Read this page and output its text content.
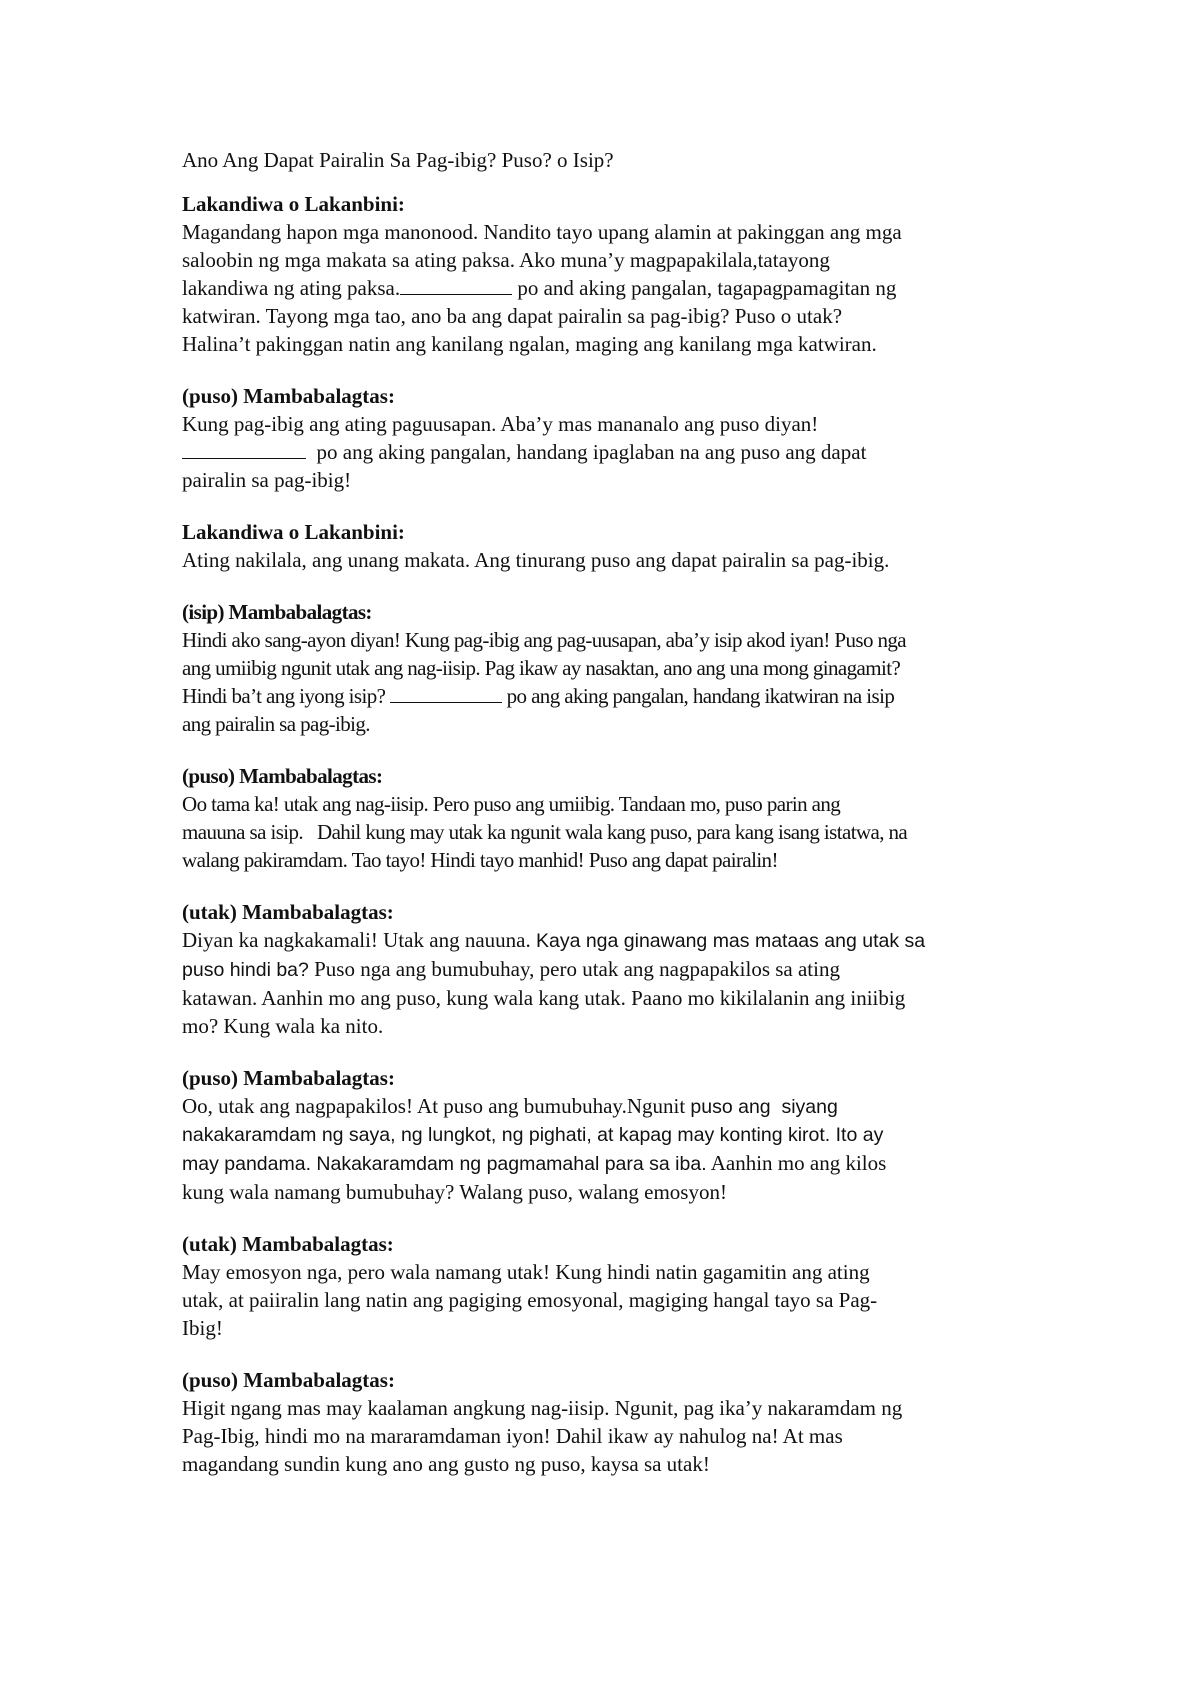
Ano Ang Dapat Pairalin Sa Pag-ibig? Puso? o Isip?
Lakandiwa o Lakanbini:
Magandang hapon mga manonood. Nandito tayo upang alamin at pakinggan ang mga
saloobin ng mga makata sa ating paksa. Ako muna’y magpapakilala,tatayong
lakandiwa ng ating paksa.	po and aking pangalan, tagapagpamagitan ng
katwiran. Tayong mga tao, ano ba ang dapat pairalin sa pag-ibig? Puso o utak?
Halina’t pakinggan natin ang kanilang ngalan, maging ang kanilang mga katwiran.
(puso) Mambabalagtas:
Kung pag-ibig ang ating paguusapan. Aba’y mas mananalo ang puso diyan!
po ang aking pangalan, handang ipaglaban na ang puso ang dapat
pairalin sa pag-ibig!
Lakandiwa o Lakanbini:
Ating nakilala, ang unang makata. Ang tinurang puso ang dapat pairalin sa pag-ibig.
(isip) Mambabalagtas:
Hindi ako sang-ayon diyan! Kung pag-ibig ang pag-uusapan, aba’y isip akod iyan! Puso nga
ang umiibig ngunit utak ang nag-iisip. Pag ikaw ay nasaktan, ano ang una mong ginagamit?
Hindi ba’t ang iyong isip?	po ang aking pangalan, handang ikatwiran na isip
ang pairalin sa pag-ibig.
(puso) Mambabalagtas:
Oo tama ka! utak ang nag-iisip. Pero puso ang umiibig. Tandaan mo, puso parin ang
mauuna sa isip.   Dahil kung may utak ka ngunit wala kang puso, para kang isang istatwa, na
walang pakiramdam. Tao tayo! Hindi tayo manhid! Puso ang dapat pairalin!
(utak) Mambabalagtas:
Diyan ka nagkakamali! Utak ang nauuna. Kaya nga ginawang mas mataas ang utak sa
puso hindi ba? Puso nga ang bumubuhay, pero utak ang nagpapakilos sa ating
katawan. Aanhin mo ang puso, kung wala kang utak. Paano mo kikilalanin ang iniibig
mo? Kung wala ka nito.
(puso) Mambabalagtas:
Oo, utak ang nagpapakilos! At puso ang bumubuhay.Ngunit puso ang  siyang
nakakaramdam ng saya, ng lungkot, ng pighati, at kapag may konting kirot. Ito ay
may pandama. Nakakaramdam ng pagmamahal para sa iba. Aanhin mo ang kilos
kung wala namang bumubuhay? Walang puso, walang emosyon!
(utak) Mambabalagtas:
May emosyon nga, pero wala namang utak! Kung hindi natin gagamitin ang ating
utak, at paiiralin lang natin ang pagiging emosyonal, magiging hangal tayo sa Pag-
Ibig!
(puso) Mambabalagtas:
Higit ngang mas may kaalaman angkung nag-iisip. Ngunit, pag ika’y nakaramdam ng
Pag-Ibig, hindi mo na mararamdaman iyon! Dahil ikaw ay nahulog na! At mas
magandang sundin kung ano ang gusto ng puso, kaysa sa utak!
